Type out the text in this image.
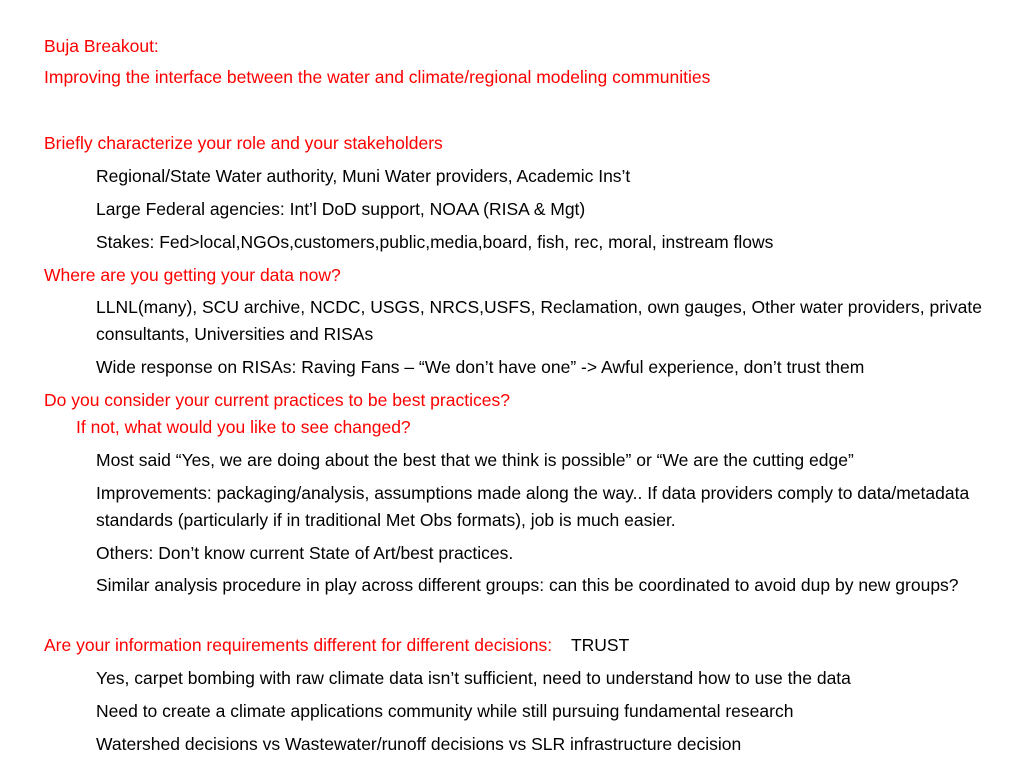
Buja Breakout:
Improving the interface between the water and climate/regional modeling communities
Briefly characterize your role and your stakeholders
Regional/State Water authority, Muni Water providers, Academic Ins’t
Large Federal agencies: Int’l DoD support, NOAA (RISA & Mgt)
Stakes: Fed>local,NGOs,customers,public,media,board, fish, rec, moral, instream flows
Where are you getting your data now?
LLNL(many), SCU archive, NCDC, USGS, NRCS,USFS, Reclamation, own gauges, Other water providers, private consultants, Universities and RISAs
Wide response on RISAs: Raving Fans – “We don’t have one” -> Awful experience, don’t trust them
Do you consider your current practices to be best practices?
If not, what would you like to see changed?
Most said “Yes, we are doing about the best that we think is possible” or “We are the cutting edge”
Improvements: packaging/analysis, assumptions made along the way.. If data providers comply to data/metadata standards (particularly if in traditional Met Obs formats), job is much easier.
Others: Don’t know current State of Art/best practices.
Similar analysis procedure in play across different groups: can this be coordinated to avoid dup by new groups?
Are your information requirements different for different decisions: TRUST
Yes, carpet bombing with raw climate data isn’t sufficient, need to understand how to use the data
Need to create a climate applications community while still pursuing fundamental research
Watershed decisions vs Wastewater/runoff decisions vs SLR infrastructure decision
